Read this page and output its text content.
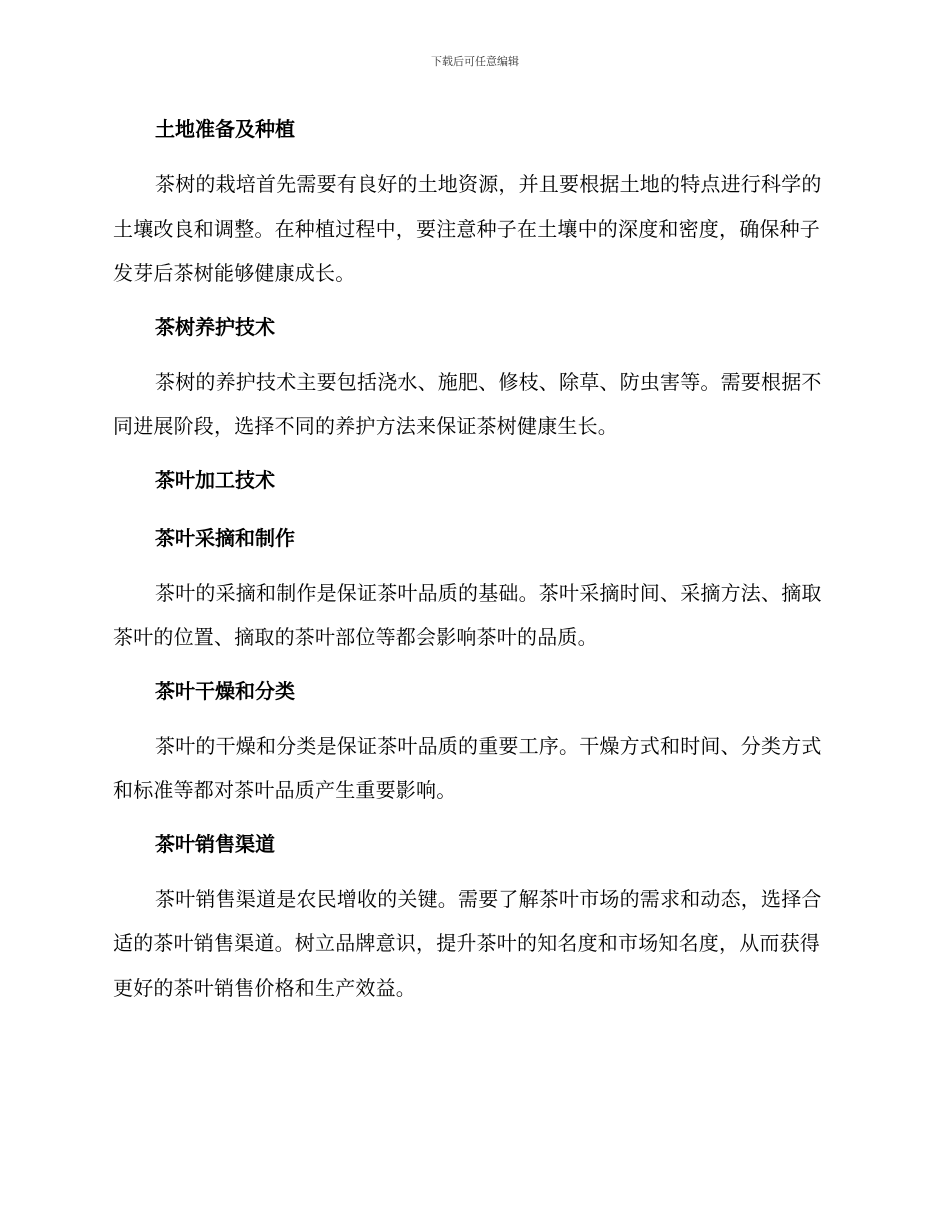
下载后可任意编辑
土地准备及种植

茶树的栽培首先需要有良好的土地资源，并且要根据土地的特点进行科学的土壤改良和调整。在种植过程中，要注意种子在土壤中的深度和密度，确保种子发芽后茶树能够健康成长。

茶树养护技术

茶树的养护技术主要包括浇水、施肥、修枝、除草、防虫害等。需要根据不同进展阶段，选择不同的养护方法来保证茶树健康生长。

茶叶加工技术
茶叶采摘和制作

茶叶的采摘和制作是保证茶叶品质的基础。茶叶采摘时间、采摘方法、摘取茶叶的位置、摘取的茶叶部位等都会影响茶叶的品质。

茶叶干燥和分类

茶叶的干燥和分类是保证茶叶品质的重要工序。干燥方式和时间、分类方式和标准等都对茶叶品质产生重要影响。

茶叶销售渠道

茶叶销售渠道是农民增收的关键。需要了解茶叶市场的需求和动态，选择合适的茶叶销售渠道。树立品牌意识，提升茶叶的知名度和市场知名度，从而获得更好的茶叶销售价格和生产效益。
